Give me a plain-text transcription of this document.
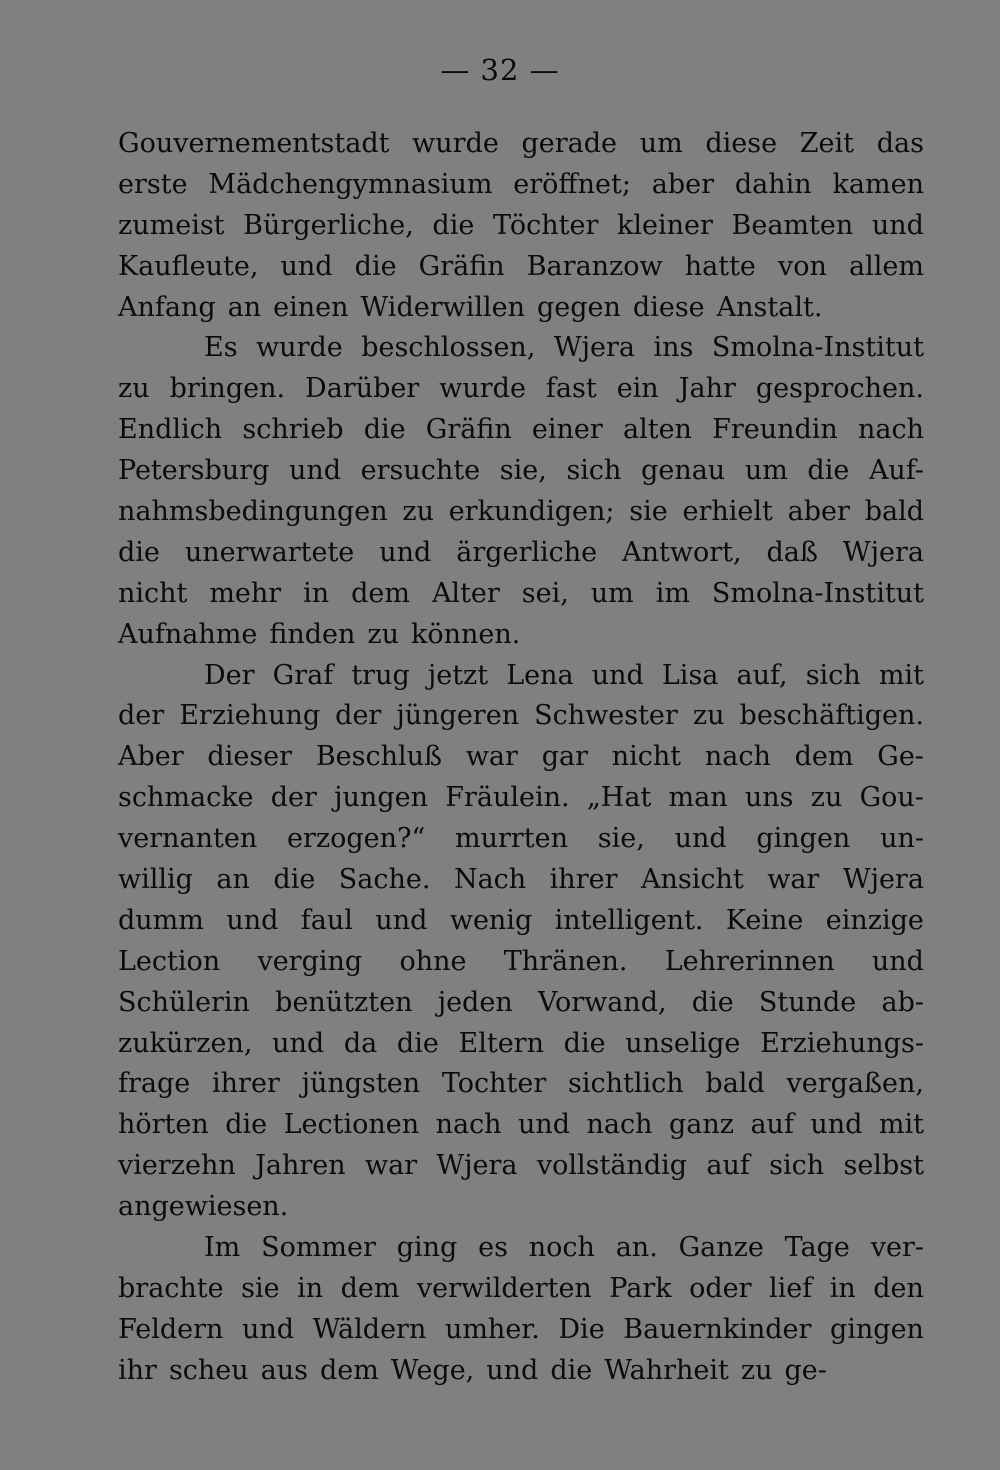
— 32 —
Gouvernementstadt wurde gerade um diese Zeit das
erste Mädchengymnasium eröffnet; aber dahin kamen
zumeist Bürgerliche, die Töchter kleiner Beamten und
Kaufleute, und die Gräfin Baranzow hatte von allem
Anfang an einen Widerwillen gegen diese Anstalt.
Es wurde beschlossen, Wjera ins Smolna-Institut
zu bringen. Darüber wurde fast ein Jahr gesprochen.
Endlich schrieb die Gräfin einer alten Freundin nach
Petersburg und ersuchte sie, sich genau um die Auf-
nahmsbedingungen zu erkundigen; sie erhielt aber bald
die unerwartete und ärgerliche Antwort, daß Wjera
nicht mehr in dem Alter sei, um im Smolna-Institut
Aufnahme finden zu können.
Der Graf trug jetzt Lena und Lisa auf, sich mit
der Erziehung der jüngeren Schwester zu beschäftigen.
Aber dieser Beschluß war gar nicht nach dem Ge-
schmacke der jungen Fräulein. „Hat man uns zu Gou-
vernanten erzogen?“ murrten sie, und gingen un-
willig an die Sache. Nach ihrer Ansicht war Wjera
dumm und faul und wenig intelligent. Keine einzige
Lection verging ohne Thränen. Lehrerinnen und
Schülerin benützten jeden Vorwand, die Stunde ab-
zukürzen, und da die Eltern die unselige Erziehungs-
frage ihrer jüngsten Tochter sichtlich bald vergaßen,
hörten die Lectionen nach und nach ganz auf und mit
vierzehn Jahren war Wjera vollständig auf sich selbst
angewiesen.
Im Sommer ging es noch an. Ganze Tage ver-
brachte sie in dem verwilderten Park oder lief in den
Feldern und Wäldern umher. Die Bauernkinder gingen
ihr scheu aus dem Wege, und die Wahrheit zu ge-
